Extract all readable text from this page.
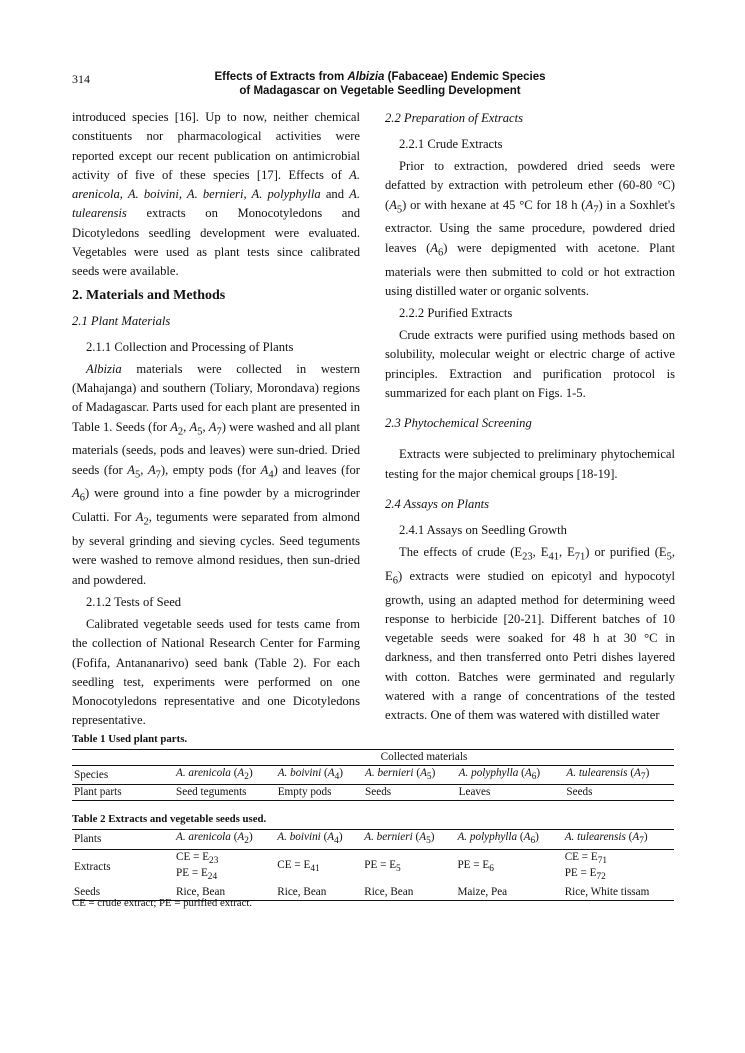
314	Effects of Extracts from Albizia (Fabaceae) Endemic Species
of Madagascar on Vegetable Seedling Development

introduced species [16]. Up to now, neither chemical constituents nor pharmacological activities were reported except our recent publication on antimicrobial activity of five of these species [17]. Effects of A. arenicola, A. boivini, A. bernieri, A. polyphylla and A. tulearensis extracts on Monocotyledons and Dicotyledons seedling development were evaluated. Vegetables were used as plant tests since calibrated seeds were available.

2. Materials and Methods
2.1 Plant Materials
2.1.1 Collection and Processing of Plants

Albizia materials were collected in western (Mahajanga) and southern (Toliary, Morondava) regions of Madagascar. Parts used for each plant are presented in Table 1. Seeds (for $A_2$, $A_5$, $A_7$) were washed and all plant materials (seeds, pods and leaves) were sun-dried. Dried seeds (for $A_5$, $A_7$), empty pods (for $A_4$) and leaves (for $A_6$) were ground into a fine powder by a microgrinder Culatti. For $A_2$, teguments were separated from almond by several grinding and sieving cycles. Seed teguments were washed to remove almond residues, then sun-dried and powdered.

2.1.2 Tests of Seed

Calibrated vegetable seeds used for tests came from the collection of National Research Center for Farming (Fofifa, Antananarivo) seed bank (Table 2). For each seedling test, experiments were performed on one Monocotyledons representative and one Dicotyledons representative.

2.2 Preparation of Extracts
2.2.1 Crude Extracts

Prior to extraction, powdered dried seeds were defatted by extraction with petroleum ether (60-80 °C) $(A_5)$ or with hexane at 45 °C for 18 h $(A_7)$ in a Soxhlet's extractor. Using the same procedure, powdered dried leaves $(A_6)$ were depigmented with acetone. Plant materials were then submitted to cold or hot extraction using distilled water or organic solvents.

2.2.2 Purified Extracts

Crude extracts were purified using methods based on solubility, molecular weight or electric charge of active principles. Extraction and purification protocol is summarized for each plant on Figs. 1-5.

2.3 Phytochemical Screening

Extracts were subjected to preliminary phytochemical testing for the major chemical groups [18-19].

2.4 Assays on Plants
2.4.1 Assays on Seedling Growth

The effects of crude ($E_{23}$, $E_{41}$, $E_{71}$) or purified ($E_5$, $E_6$) extracts were studied on epicotyl and hypocotyl growth, using an adapted method for determining weed response to herbicide [20-21]. Different batches of 10 vegetable seeds were soaked for 48 h at 30 °C in darkness, and then transferred onto Petri dishes layered with cotton. Batches were germinated and regularly watered with a range of concentrations of the tested extracts. One of them was watered with distilled water

Table 1 Used plant parts.
	Collected materials				
Species	A. arenicola $(A_2)$	A. boivini $(A_4)$	A. bernieri $(A_5)$	A. polyphylla $(A_6)$	A. tulearensis $(A_7)$
Plant parts	Seed teguments	Empty pods	Seeds	Leaves	Seeds
Table 2 Extracts and vegetable seeds used.
Plants	A. arenicola $(A_2)$	A. boivini $(A_4)$	A. bernieri $(A_5)$	A. polyphylla $(A_6)$	A. tulearensis $(A_7)$
Extracts	CE = $E_{23}$
PE = $E_{24}$	CE = $E_{41}$	PE = $E_5$	PE = $E_6$	CE = $E_{71}$
PE = $E_{72}$
Seeds	Rice, Bean	Rice, Bean	Rice, Bean	Maize, Pea	Rice, White tissam
CE = crude extract; PE = purified extract.
